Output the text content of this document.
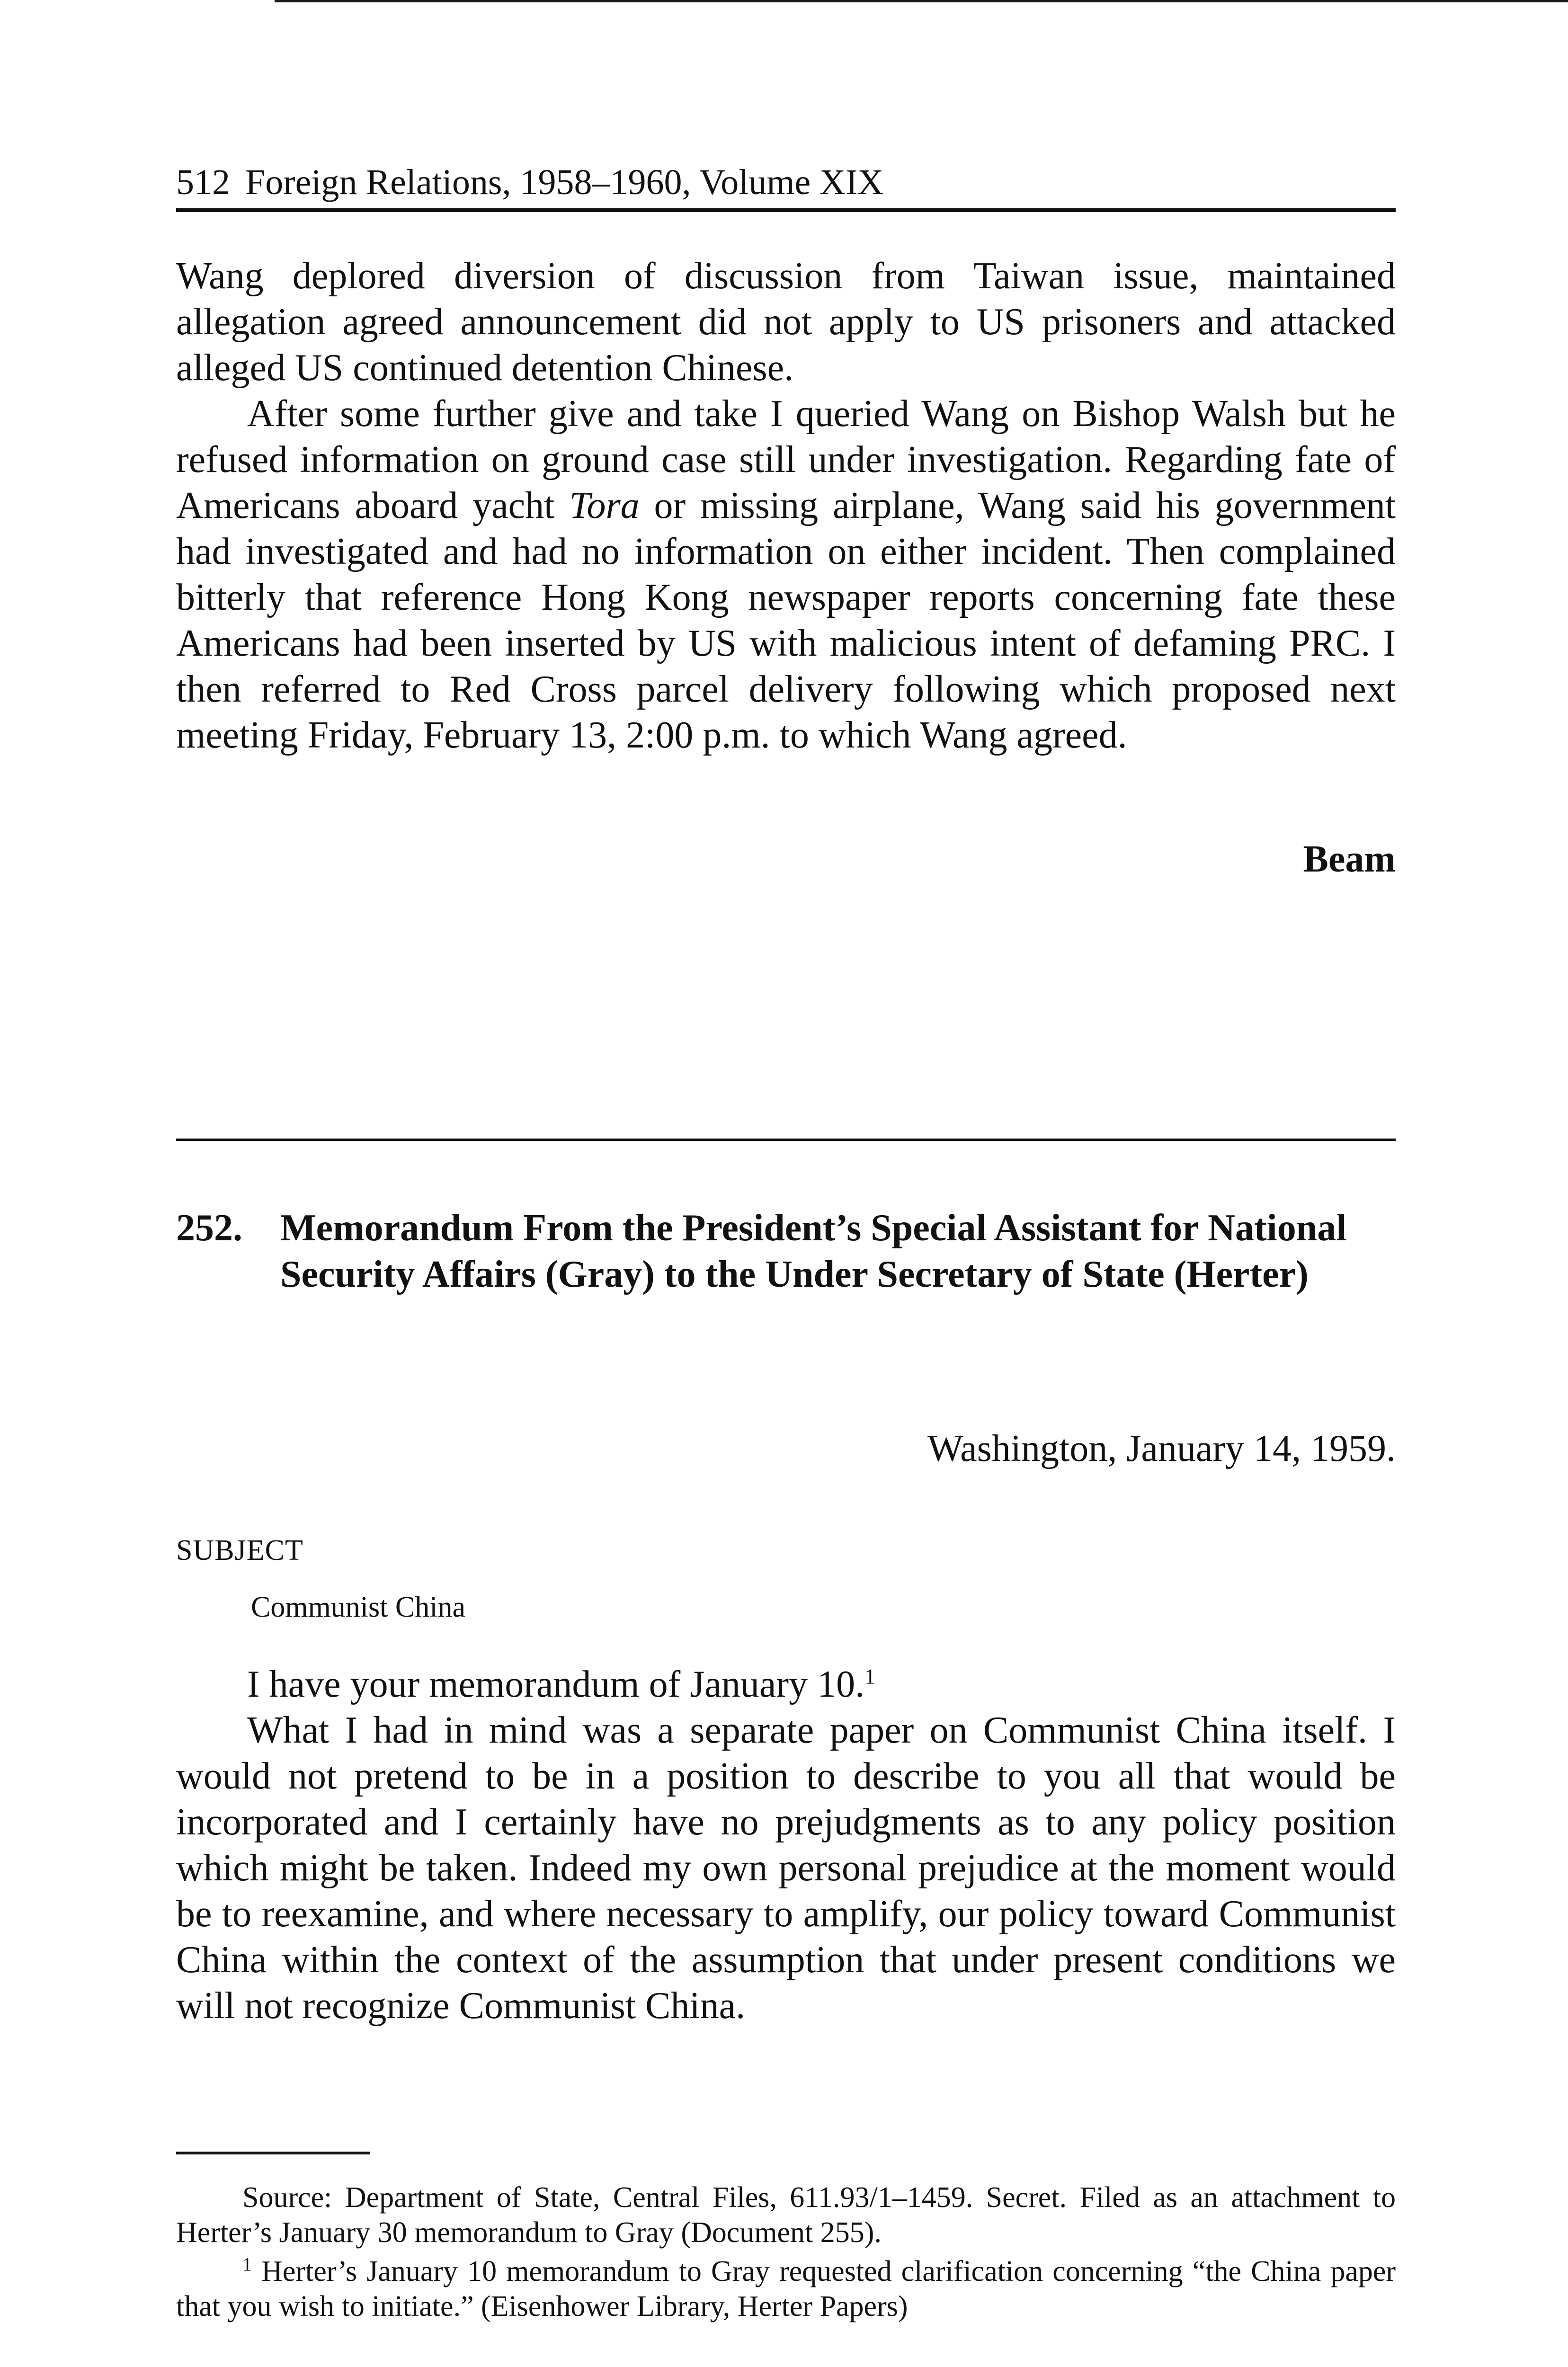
512 Foreign Relations, 1958–1960, Volume XIX

Wang deplored diversion of discussion from Taiwan issue, maintained allegation agreed announcement did not apply to US prisoners and attacked alleged US continued detention Chinese.

After some further give and take I queried Wang on Bishop Walsh but he refused information on ground case still under investigation. Regarding fate of Americans aboard yacht Tora or missing airplane, Wang said his government had investigated and had no information on either incident. Then complained bitterly that reference Hong Kong newspaper reports concerning fate these Americans had been inserted by US with malicious intent of defaming PRC. I then referred to Red Cross parcel delivery following which proposed next meeting Friday, February 13, 2:00 p.m. to which Wang agreed.

Beam
252.	Memorandum From the President’s Special Assistant for National Security Affairs (Gray) to the Under Secretary of State (Herter)
Washington, January 14, 1959.
SUBJECT
Communist China

I have your memorandum of January 10.$^1$

What I had in mind was a separate paper on Communist China itself. I would not pretend to be in a position to describe to you all that would be incorporated and I certainly have no prejudgments as to any policy position which might be taken. Indeed my own personal prejudice at the moment would be to reexamine, and where necessary to amplify, our policy toward Communist China within the context of the assumption that under present conditions we will not recognize Communist China.

Source: Department of State, Central Files, 611.93/1–1459. Secret. Filed as an attachment to Herter’s January 30 memorandum to Gray (Document 255).

$^1$ Herter’s January 10 memorandum to Gray requested clarification concerning “the China paper that you wish to initiate.” (Eisenhower Library, Herter Papers)
